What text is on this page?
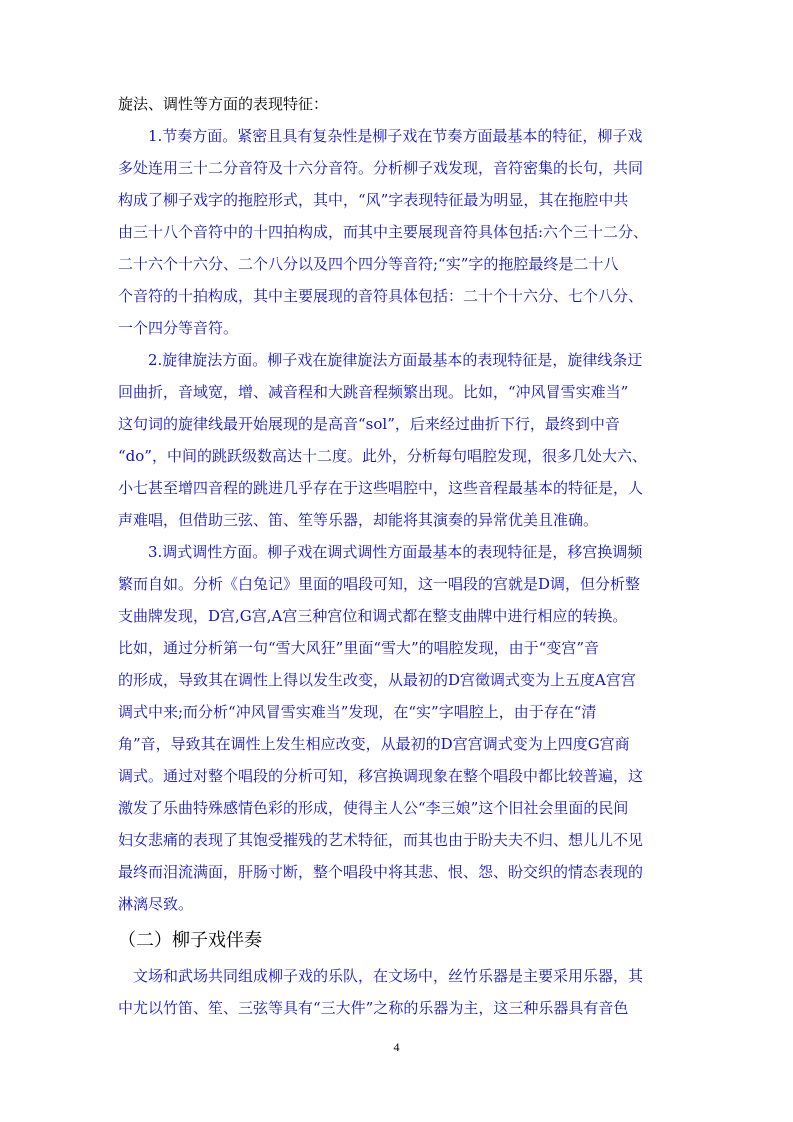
旋法、调性等方面的表现特征：
　　1.节奏方面。紧密且具有复杂性是柳子戏在节奏方面最基本的特征，柳子戏
多处连用三十二分音符及十六分音符。分析柳子戏发现，音符密集的长句，共同
构成了柳子戏字的拖腔形式，其中，“风”字表现特征最为明显，其在拖腔中共
由三十八个音符中的十四拍构成，而其中主要展现音符具体包括:六个三十二分、
二十六个十六分、二个八分以及四个四分等音符;“实”字的拖腔最终是二十八
个音符的十拍构成，其中主要展现的音符具体包括：二十个十六分、七个八分、
一个四分等音符。
　　2.旋律旋法方面。柳子戏在旋律旋法方面最基本的表现特征是，旋律线条迂
回曲折，音域宽，增、减音程和大跳音程频繁出现。比如，“冲风冒雪实难当”
这句词的旋律线最开始展现的是高音“sol”，后来经过曲折下行，最终到中音
“do”，中间的跳跃级数高达十二度。此外，分析每句唱腔发现，很多几处大六、
小七甚至增四音程的跳进几乎存在于这些唱腔中，这些音程最基本的特征是，人
声难唱，但借助三弦、笛、笙等乐器，却能将其演奏的异常优美且准确。
　　3.调式调性方面。柳子戏在调式调性方面最基本的表现特征是，移宫换调频
繁而自如。分析《白兔记》里面的唱段可知，这一唱段的宫就是D调，但分析整
支曲牌发现，D宫,G宫,A宫三种宫位和调式都在整支曲牌中进行相应的转换。
比如，通过分析第一句“雪大风狂”里面“雪大”的唱腔发现，由于“变宫”音
的形成，导致其在调性上得以发生改变，从最初的D宫徵调式变为上五度A宫宫
调式中来;而分析“冲风冒雪实难当”发现，在“实”字唱腔上，由于存在“清
角”音，导致其在调性上发生相应改变，从最初的D宫宫调式变为上四度G宫商
调式。通过对整个唱段的分析可知，移宫换调现象在整个唱段中都比较普遍，这
激发了乐曲特殊感情色彩的形成，使得主人公“李三娘”这个旧社会里面的民间
妇女悲痛的表现了其饱受摧残的艺术特征，而其也由于盼夫夫不归、想儿儿不见
最终而泪流满面，肝肠寸断，整个唱段中将其悲、恨、怨、盼交织的情态表现的
淋漓尽致。
（二）柳子戏伴奏
　文场和武场共同组成柳子戏的乐队，在文场中，丝竹乐器是主要采用乐器，其
中尤以竹笛、笙、三弦等具有“三大件”之称的乐器为主，这三种乐器具有音色
4
